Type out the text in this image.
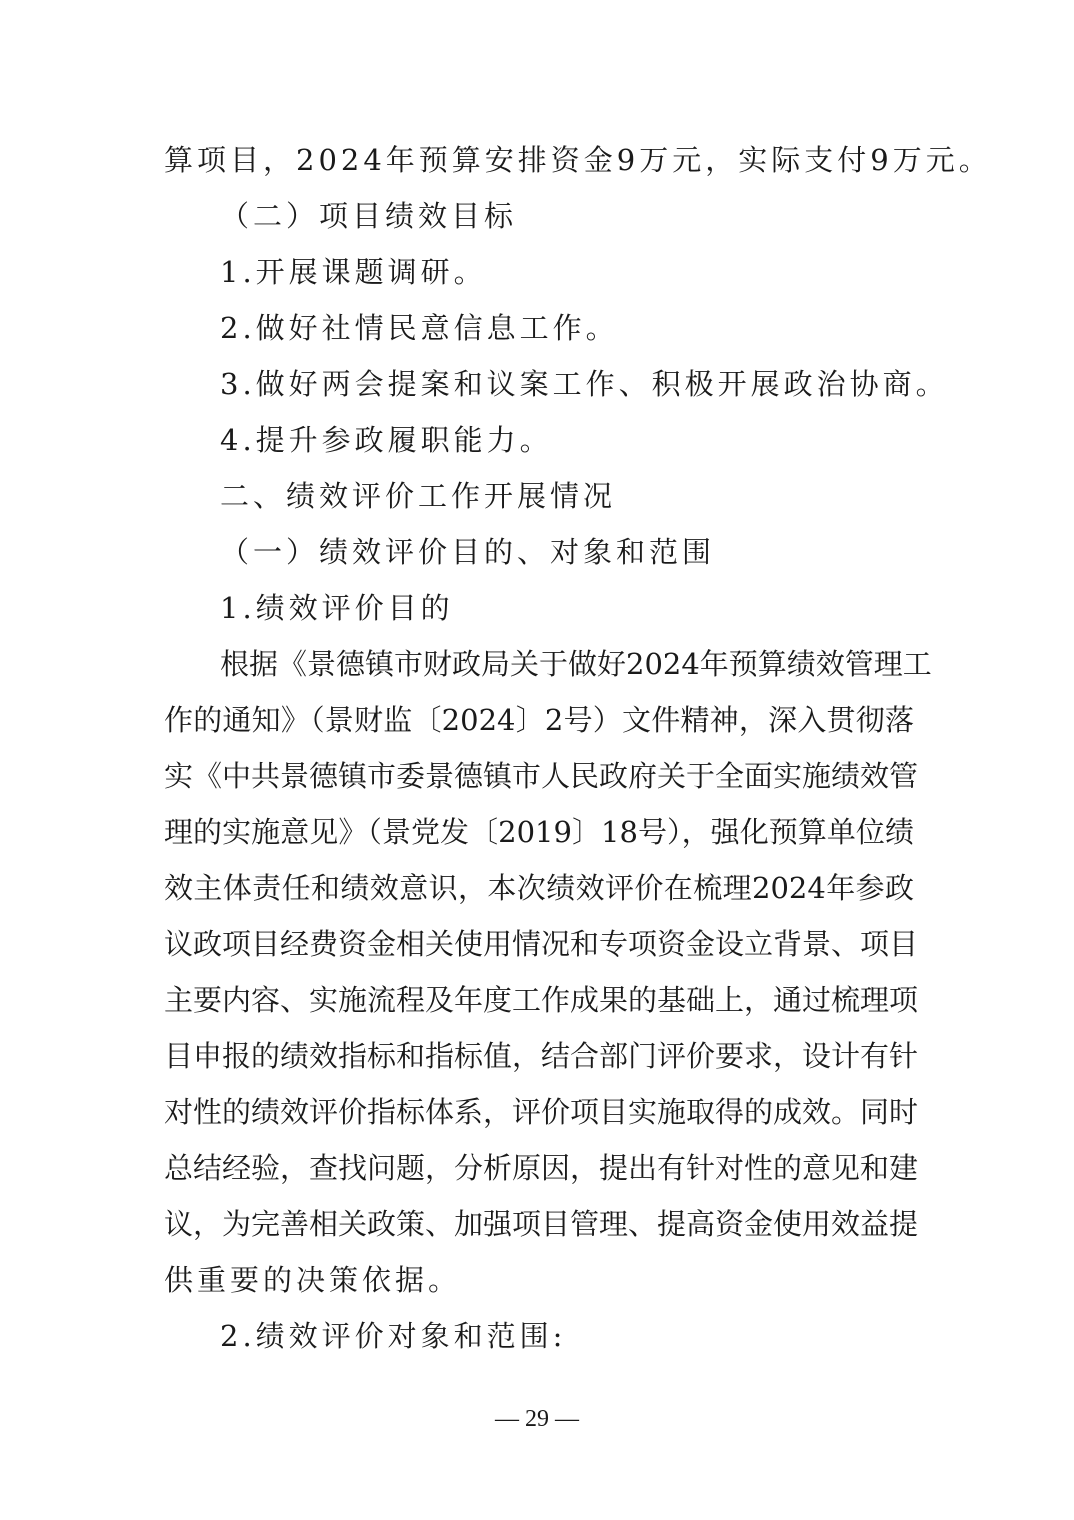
算项目，2024年预算安排资金9万元，实际支付9万元。
（二）项目绩效目标
1.开展课题调研。
2.做好社情民意信息工作。
3.做好两会提案和议案工作、积极开展政治协商。
4.提升参政履职能力。
二、绩效评价工作开展情况
（一）绩效评价目的、对象和范围
1.绩效评价目的
根据《景德镇市财政局关于做好2024年预算绩效管理工
作的通知》（景财监〔2024〕2号）文件精神，深入贯彻落
实《中共景德镇市委景德镇市人民政府关于全面实施绩效管
理的实施意见》（景党发〔2019〕18号），强化预算单位绩
效主体责任和绩效意识，本次绩效评价在梳理2024年参政
议政项目经费资金相关使用情况和专项资金设立背景、项目
主要内容、实施流程及年度工作成果的基础上，通过梳理项
目申报的绩效指标和指标值，结合部门评价要求，设计有针
对性的绩效评价指标体系，评价项目实施取得的成效。同时
总结经验，查找问题，分析原因，提出有针对性的意见和建
议，为完善相关政策、加强项目管理、提高资金使用效益提
供重要的决策依据。
2.绩效评价对象和范围:
— 29 —
